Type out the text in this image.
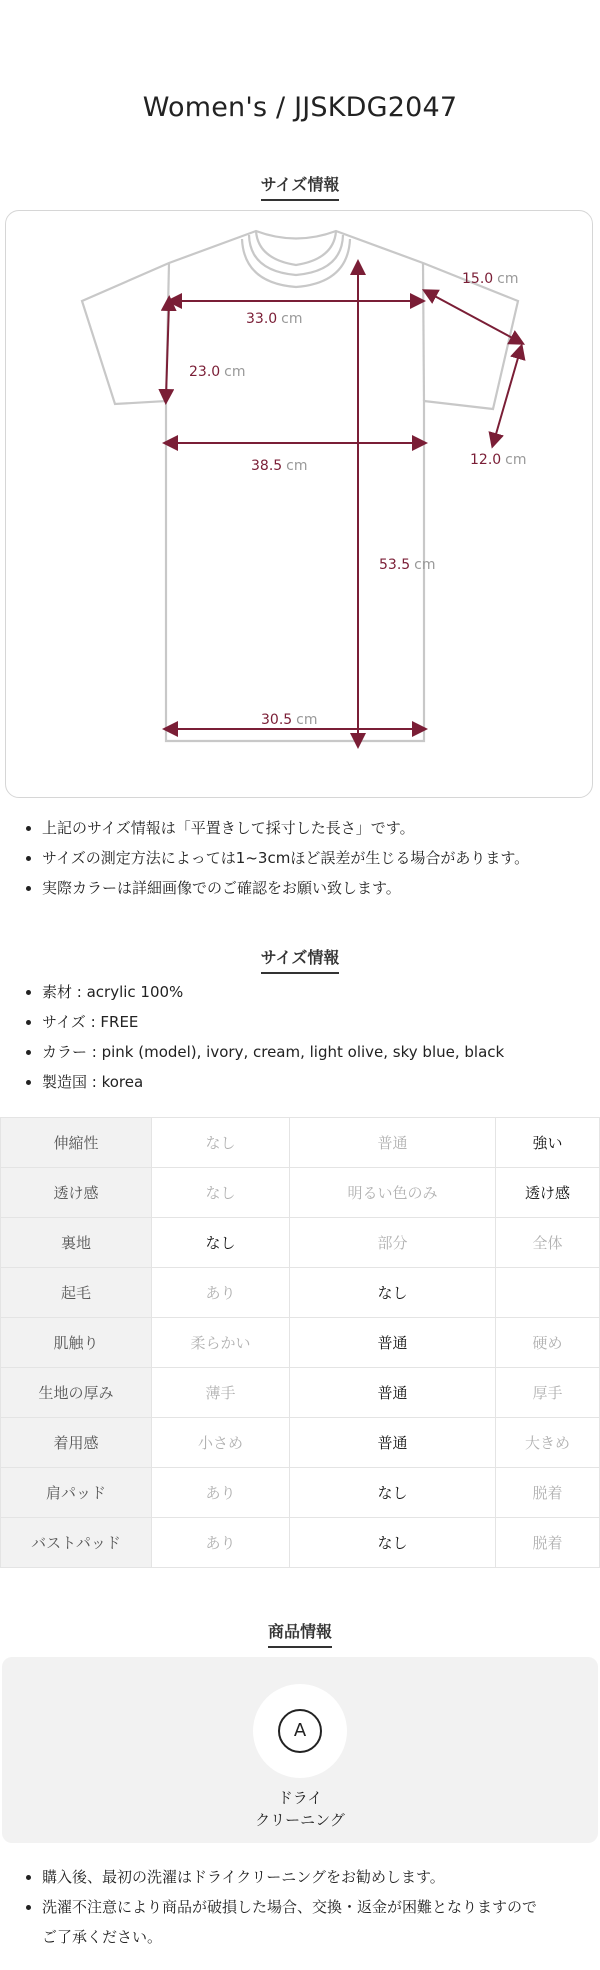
Women's / JJSKDG2047
サイズ情報
15.0 cm
33.0 cm
23.0 cm
12.0 cm
38.5 cm
53.5 cm
30.5 cm
• 上記のサイズ情報は「平置きして採寸した長さ」です。
• サイズの測定方法によっては1~3cmほど誤差が生じる場合があります。
• 実際カラーは詳細画像でのご確認をお願い致します。
サイズ情報
• 素材 : acrylic 100%
• サイズ : FREE
• カラー : pink (model), ivory, cream, light olive, sky blue, black
• 製造国 : korea
伸縮性	なし	普通	強い
透け感	なし	明るい色のみ	透け感
裏地	なし	部分	全体
起毛	あり	なし	
肌触り	柔らかい	普通	硬め
生地の厚み	薄手	普通	厚手
着用感	小さめ	普通	大きめ
肩パッド	あり	なし	脱着
バストパッド	あり	なし	脱着
商品情報
A
ドライ
クリーニング
• 購入後、最初の洗濯はドライクリーニングをお勧めします。
• 洗濯不注意により商品が破損した場合、交換・返金が困難となりますので
ご了承ください。
